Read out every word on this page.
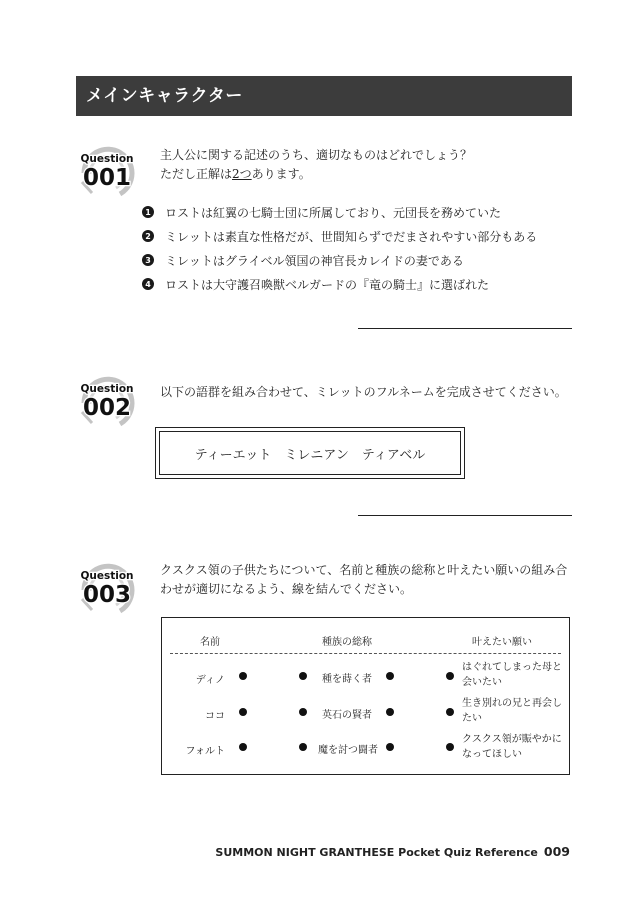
メインキャラクター
Question
001
主人公に関する記述のうち、適切なものはどれでしょう？
ただし正解は2つあります。
1 ロストは紅翼の七騎士団に所属しており、元団長を務めていた
2 ミレットは素直な性格だが、世間知らずでだまされやすい部分もある
3 ミレットはグライベル領国の神官長カレイドの妻である
4 ロストは大守護召喚獣ベルガードの『竜の騎士』に選ばれた
Question
002
以下の語群を組み合わせて、ミレットのフルネームを完成させてください。
ティーエット　ミレニアン　ティアベル
Question
003
クスクス領の子供たちについて、名前と種族の総称と叶えたい願いの組み合
わせが適切になるよう、線を結んでください。
名前	種族の総称	叶えたい願い
ディノ	種を蒔く者
はぐれてしまった母と
会いたい
ココ	英石の賢者
生き別れの兄と再会し
たい
フォルト	魔を討つ闘者
クスクス領が賑やかに
なってほしい
SUMMON NIGHT GRANTHESE Pocket Quiz Reference 009
